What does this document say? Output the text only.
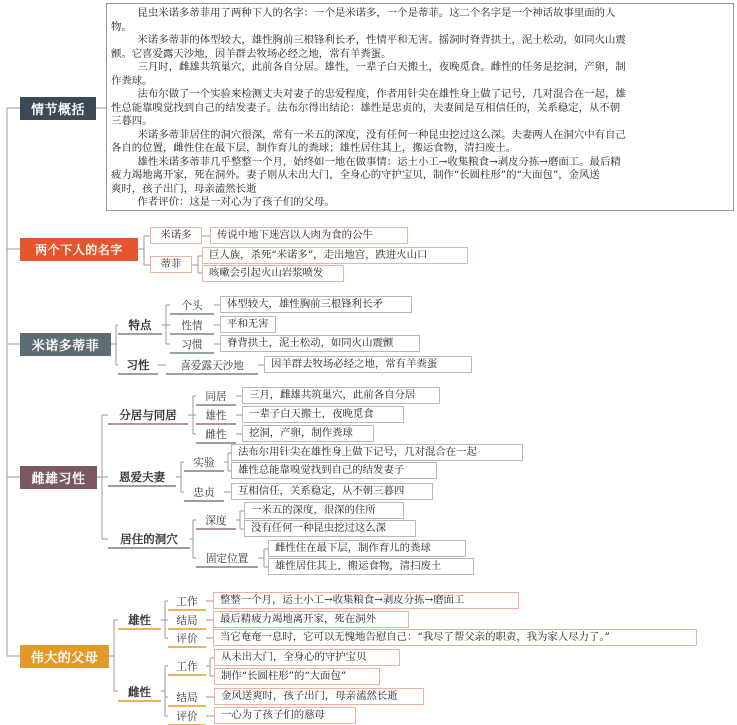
昆虫米诺多蒂菲用了两种下人的名字：一个是米诺多，一个是蒂菲。这二个名字是一个神话故事里面的人

物。

米诺多蒂菲的体型较大，雄性胸前三根锋利长矛，性情平和无害。摇洞时脊背拱土，泥土松动，如同火山震

颤。它喜爱露天沙地，因羊群去牧场必经之地，常有羊粪蛋。

三月时，雌雄共筑巢穴，此前各自分居。雄性，一辈子白天搬土，夜晚觅食。雌性的任务是挖洞，产卵，制

作粪球。

法布尔做了一个实验来检测丈夫对妻子的忠爱程度，作者用针尖在雄性身上做了记号，几对混合在一起，雄

性总能靠嗅觉找到自己的结发妻子。法布尔得出结论：雄性是忠贞的，夫妻间是互相信任的，关系稳定，从不朝

三暮四。

米诺多蒂菲居住的洞穴很深，常有一米五的深度，没有任何一种昆虫挖过这么深。夫妻两人在洞穴中有自己

各自的位置，雌性住在最下层，制作育儿的粪球；雄性居住其上，搬运食物，清扫废土。

雄性米诺多蒂菲几乎整整一个月，始终如一地在做事情：运土小工→收集粮食→剥皮分拣→磨面工。最后精

疲力竭地离开家，死在洞外。妻子则从未出大门，全身心的守护宝贝，制作“长圆柱形”的“大面包”，金风送

爽时，孩子出门，母亲溘然长逝

作者评价：这是一对心为了孩子们的父母。

情节概括
两个下人的名字
米诺多蒂菲
雌雄习性
伟大的父母
米诺多	传说中地下迷宫以人肉为食的公牛
蒂菲
巨人族，杀死“米诺多”，走出地宫，跌进火山口
咳嗽会引起火山岩浆喷发
特点
个头	体型较大，雄性胸前三根锋利长矛
性情	平和无害
习惯	脊背拱土，泥土松动，如同火山震颤
习性	喜爱露天沙地	因羊群去牧场必经之地，常有羊粪蛋
分居与同居
同居	三月，雌雄共筑巢穴，此前各自分居
雄性	一辈子白天搬土，夜晚觅食
雌性	挖洞，产卵，制作粪球
恩爱夫妻
实验
法布尔用针尖在雄性身上做下记号，几对混合在一起
雄性总能靠嗅觉找到自己的结发妻子
忠贞	互相信任，关系稳定，从不朝三暮四
居住的洞穴
深度
一米五的深度，很深的住所
没有任何一种昆虫挖过这么深
固定位置
雌性住在最下层，制作育儿的粪球
雄性居住其上，搬运食物，清扫废土
雄性
工作	整整一个月，运土小工→收集粮食→剥皮分拣→磨面工
结局	最后精疲力竭地离开家，死在洞外
评价	当它奄奄一息时，它可以无愧地告慰自己：“我尽了帮父亲的职责，我为家人尽力了。”
雌性
工作
从未出大门，全身心的守护宝贝
制作“长圆柱形”的“大面包”
结局	金风送爽时，孩子出门，母亲溘然长逝
评价	一心为了孩子们的慈母
